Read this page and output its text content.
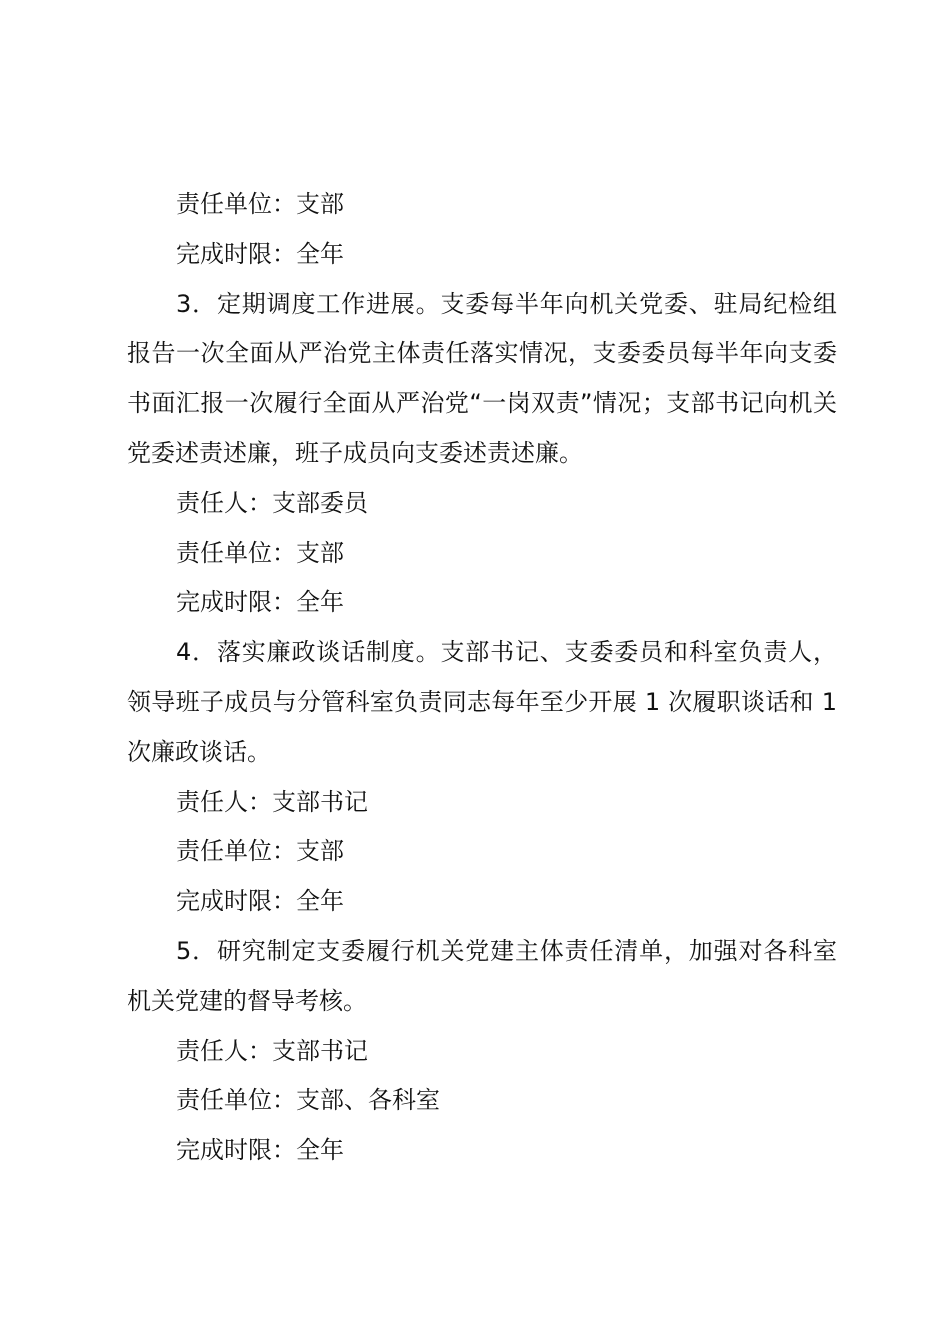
责任单位：支部

完成时限：全年

3．定期调度工作进展。支委每半年向机关党委、驻局纪检组报告一次全面从严治党主体责任落实情况，支委委员每半年向支委书面汇报一次履行全面从严治党“一岗双责”情况；支部书记向机关党委述责述廉，班子成员向支委述责述廉。

责任人：支部委员

责任单位：支部

完成时限：全年

4．落实廉政谈话制度。支部书记、支委委员和科室负责人，领导班子成员与分管科室负责同志每年至少开展 1 次履职谈话和 1 次廉政谈话。

责任人：支部书记

责任单位：支部

完成时限：全年

5．研究制定支委履行机关党建主体责任清单，加强对各科室机关党建的督导考核。

责任人：支部书记

责任单位：支部、各科室

完成时限：全年
